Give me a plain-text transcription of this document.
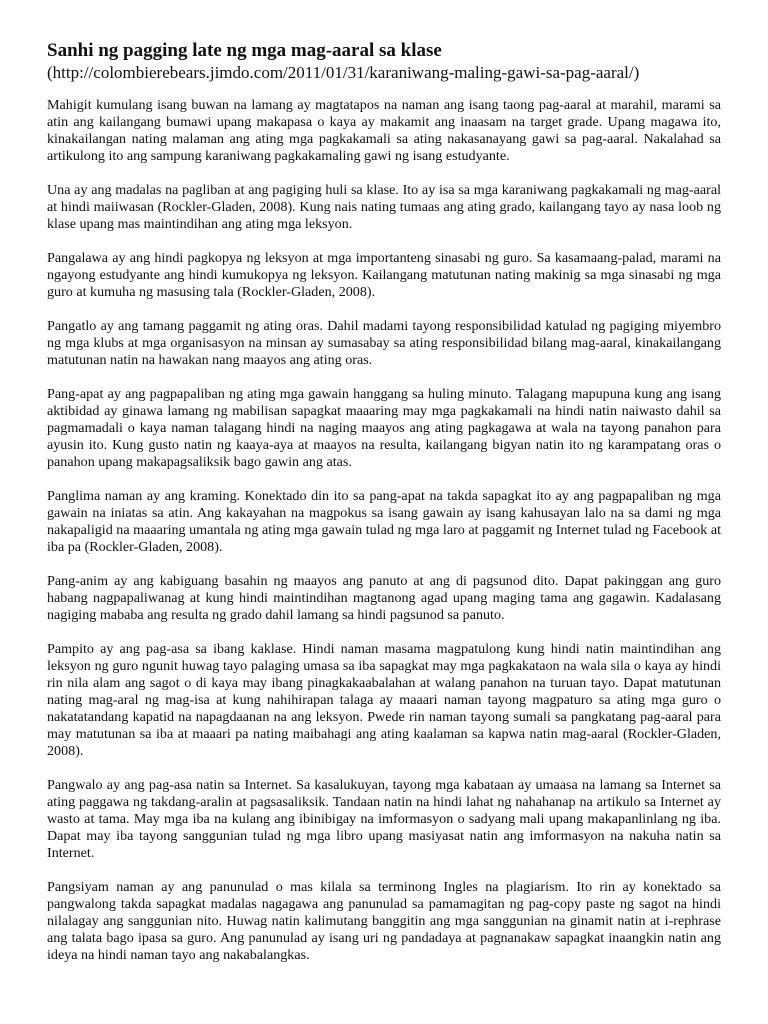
Sanhi ng pagging late ng mga mag-aaral sa klase

(http://colombierebears.jimdo.com/2011/01/31/karaniwang-maling-gawi-sa-pag-aaral/)

Mahigit kumulang isang buwan na lamang ay magtatapos na naman ang isang taong pag-aaral at marahil, marami sa atin ang kailangang bumawi upang makapasa o kaya ay makamit ang inaasam na target grade. Upang magawa ito, kinakailangan nating malaman ang ating mga pagkakamali sa ating nakasanayang gawi sa pag-aaral. Nakalahad sa artikulong ito ang sampung karaniwang pagkakamaling gawi ng isang estudyante.

Una ay ang madalas na pagliban at ang pagiging huli sa klase. Ito ay isa sa mga karaniwang pagkakamali ng mag-aaral at hindi maiiwasan (Rockler-Gladen, 2008). Kung nais nating tumaas ang ating grado, kailangang tayo ay nasa loob ng klase upang mas maintindihan ang ating mga leksyon.

Pangalawa ay ang hindi pagkopya ng leksyon at mga importanteng sinasabi ng guro. Sa kasamaang-palad, marami na ngayong estudyante ang hindi kumukopya ng leksyon. Kailangang matutunan nating makinig sa mga sinasabi ng mga guro at kumuha ng masusing tala (Rockler-Gladen, 2008).

Pangatlo ay ang tamang paggamit ng ating oras. Dahil madami tayong responsibilidad katulad ng pagiging miyembro ng mga klubs at mga organisasyon na minsan ay sumasabay sa ating responsibilidad bilang mag-aaral, kinakailangang matutunan natin na hawakan nang maayos ang ating oras.

Pang-apat ay ang pagpapaliban ng ating mga gawain hanggang sa huling minuto. Talagang mapupuna kung ang isang aktibidad ay ginawa lamang ng mabilisan sapagkat maaaring may mga pagkakamali na hindi natin naiwasto dahil sa pagmamadali o kaya naman talagang hindi na naging maayos ang ating pagkagawa at wala na tayong panahon para ayusin ito. Kung gusto natin ng kaaya-aya at maayos na resulta, kailangang bigyan natin ito ng karampatang oras o panahon upang makapagsaliksik bago gawin ang atas.

Panglima naman ay ang kraming. Konektado din ito sa pang-apat na takda sapagkat ito ay ang pagpapaliban ng mga gawain na iniatas sa atin. Ang kakayahan na magpokus sa isang gawain ay isang kahusayan lalo na sa dami ng mga nakapaligid na maaaring umantala ng ating mga gawain tulad ng mga laro at paggamit ng Internet tulad ng Facebook at iba pa (Rockler-Gladen, 2008).

Pang-anim ay ang kabiguang basahin ng maayos ang panuto at ang di pagsunod dito. Dapat pakinggan ang guro habang nagpapaliwanag at kung hindi maintindihan magtanong agad upang maging tama ang gagawin. Kadalasang nagiging mababa ang resulta ng grado dahil lamang sa hindi pagsunod sa panuto.

Pampito ay ang pag-asa sa ibang kaklase. Hindi naman masama magpatulong kung hindi natin maintindihan ang leksyon ng guro ngunit huwag tayo palaging umasa sa iba sapagkat may mga pagkakataon na wala sila o kaya ay hindi rin nila alam ang sagot o di kaya may ibang pinagkakaabalahan at walang panahon na turuan tayo. Dapat matutunan nating mag-aral ng mag-isa at kung nahihirapan talaga ay maaari naman tayong magpaturo sa ating mga guro o nakatatandang kapatid na napagdaanan na ang leksyon. Pwede rin naman tayong sumali sa pangkatang pag-aaral para may matutunan sa iba at maaari pa nating maibahagi ang ating kaalaman sa kapwa natin mag-aaral (Rockler-Gladen, 2008).

Pangwalo ay ang pag-asa natin sa Internet. Sa kasalukuyan, tayong mga kabataan ay umaasa na lamang sa Internet sa ating paggawa ng takdang-aralin at pagsasaliksik. Tandaan natin na hindi lahat ng nahahanap na artikulo sa Internet ay wasto at tama. May mga iba na kulang ang ibinibigay na imformasyon o sadyang mali upang makapanlinlang ng iba. Dapat may iba tayong sanggunian tulad ng mga libro upang masiyasat natin ang imformasyon na nakuha natin sa Internet.

Pangsiyam naman ay ang panunulad o mas kilala sa terminong Ingles na plagiarism. Ito rin ay konektado sa pangwalong takda sapagkat madalas nagagawa ang panunulad sa pamamagitan ng pag-copy paste ng sagot na hindi nilalagay ang sanggunian nito. Huwag natin kalimutang banggitin ang mga sanggunian na ginamit natin at i-rephrase ang talata bago ipasa sa guro. Ang panunulad ay isang uri ng pandadaya at pagnanakaw sapagkat inaangkin natin ang ideya na hindi naman tayo ang nakabalangkas.
